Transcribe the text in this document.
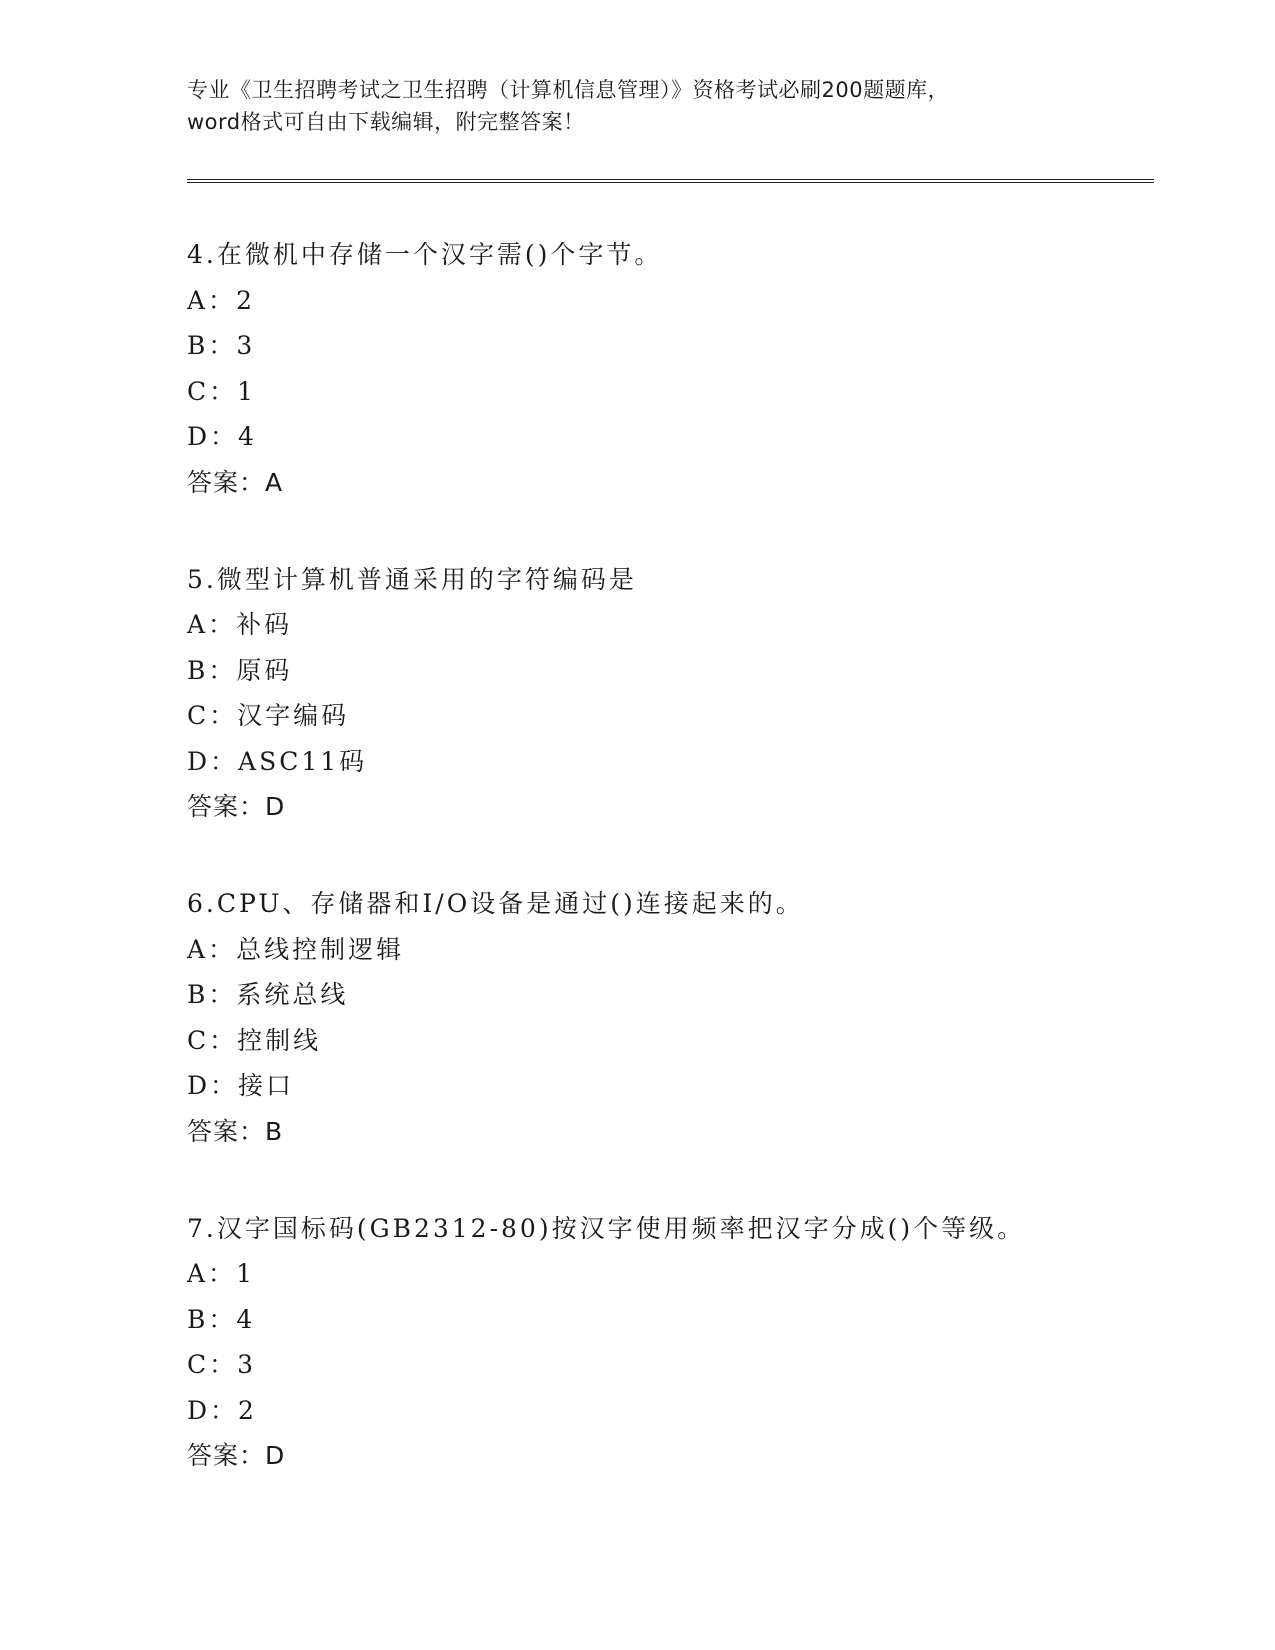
专业《卫生招聘考试之卫生招聘（计算机信息管理）》资格考试必刷200题题库，
word格式可自由下载编辑，附完整答案！
4.在微机中存储一个汉字需()个字节。
A：2
B：3
C：1
D：4
答案：A
5.微型计算机普通采用的字符编码是
A：补码
B：原码
C：汉字编码
D：ASC11码
答案：D
6.CPU、存储器和I/O设备是通过()连接起来的。
A：总线控制逻辑
B：系统总线
C：控制线
D：接口
答案：B
7.汉字国标码(GB2312-80)按汉字使用频率把汉字分成()个等级。
A：1
B：4
C：3
D：2
答案：D
